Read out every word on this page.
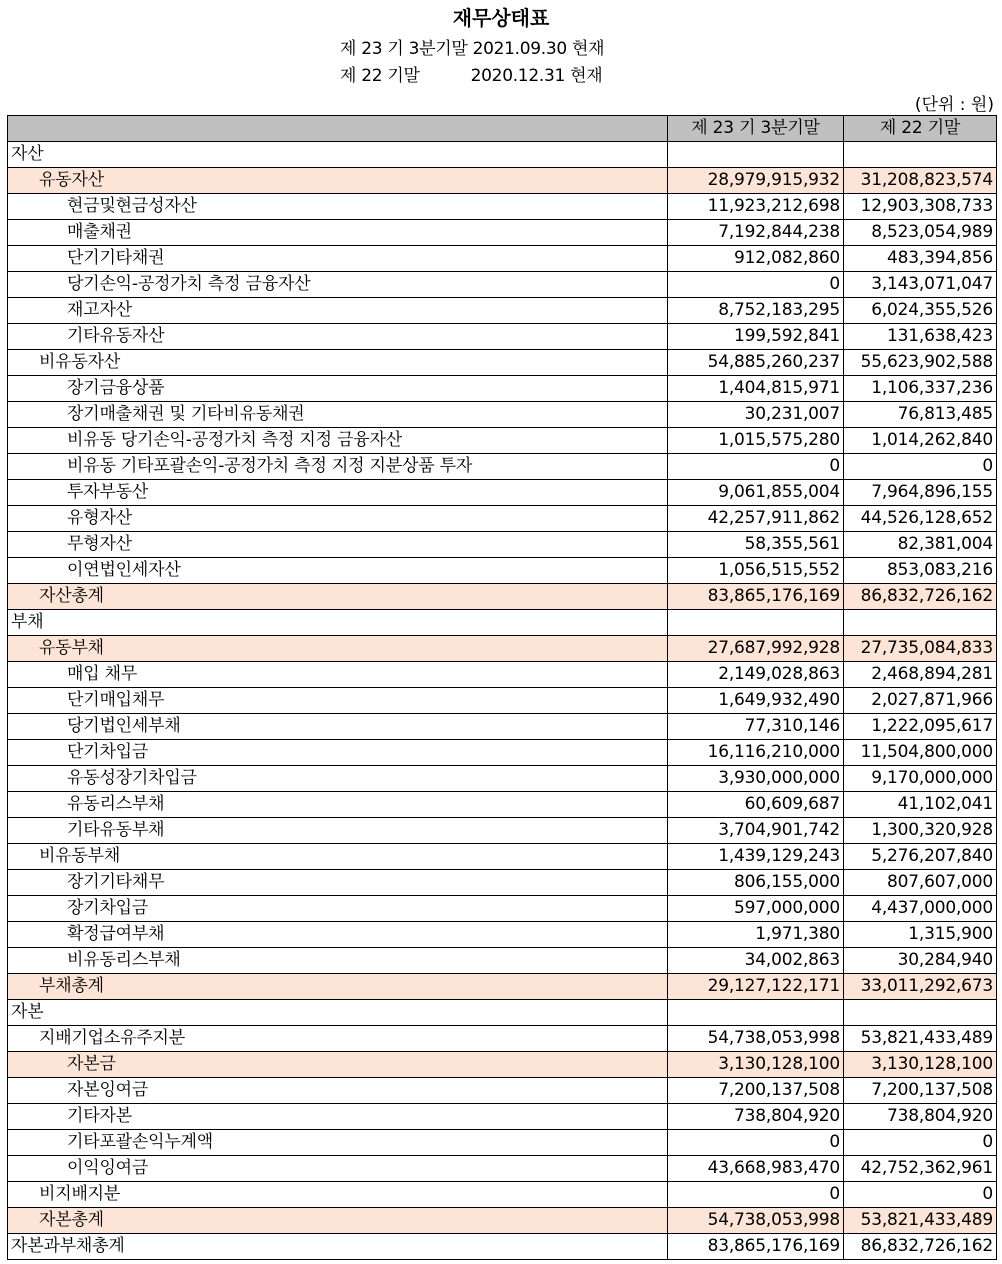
재무상태표
제 23 기 3분기말 2021.09.30 현재
제 22 기말          2020.12.31 현재
(단위 : 원)
	제 23 기 3분기말	제 22 기말
자산		
유동자산	28,979,915,932	31,208,823,574
현금및현금성자산	11,923,212,698	12,903,308,733
매출채권	7,192,844,238	8,523,054,989
단기기타채권	912,082,860	483,394,856
당기손익-공정가치 측정 금융자산	0	3,143,071,047
재고자산	8,752,183,295	6,024,355,526
기타유동자산	199,592,841	131,638,423
비유동자산	54,885,260,237	55,623,902,588
장기금융상품	1,404,815,971	1,106,337,236
장기매출채권 및 기타비유동채권	30,231,007	76,813,485
비유동 당기손익-공정가치 측정 지정 금융자산	1,015,575,280	1,014,262,840
비유동 기타포괄손익-공정가치 측정 지정 지분상품 투자	0	0
투자부동산	9,061,855,004	7,964,896,155
유형자산	42,257,911,862	44,526,128,652
무형자산	58,355,561	82,381,004
이연법인세자산	1,056,515,552	853,083,216
자산총계	83,865,176,169	86,832,726,162
부채		
유동부채	27,687,992,928	27,735,084,833
매입 채무	2,149,028,863	2,468,894,281
단기매입채무	1,649,932,490	2,027,871,966
당기법인세부채	77,310,146	1,222,095,617
단기차입금	16,116,210,000	11,504,800,000
유동성장기차입금	3,930,000,000	9,170,000,000
유동리스부채	60,609,687	41,102,041
기타유동부채	3,704,901,742	1,300,320,928
비유동부채	1,439,129,243	5,276,207,840
장기기타채무	806,155,000	807,607,000
장기차입금	597,000,000	4,437,000,000
확정급여부채	1,971,380	1,315,900
비유동리스부채	34,002,863	30,284,940
부채총계	29,127,122,171	33,011,292,673
자본		
지배기업소유주지분	54,738,053,998	53,821,433,489
자본금	3,130,128,100	3,130,128,100
자본잉여금	7,200,137,508	7,200,137,508
기타자본	738,804,920	738,804,920
기타포괄손익누계액	0	0
이익잉여금	43,668,983,470	42,752,362,961
비지배지분	0	0
자본총계	54,738,053,998	53,821,433,489
자본과부채총계	83,865,176,169	86,832,726,162
